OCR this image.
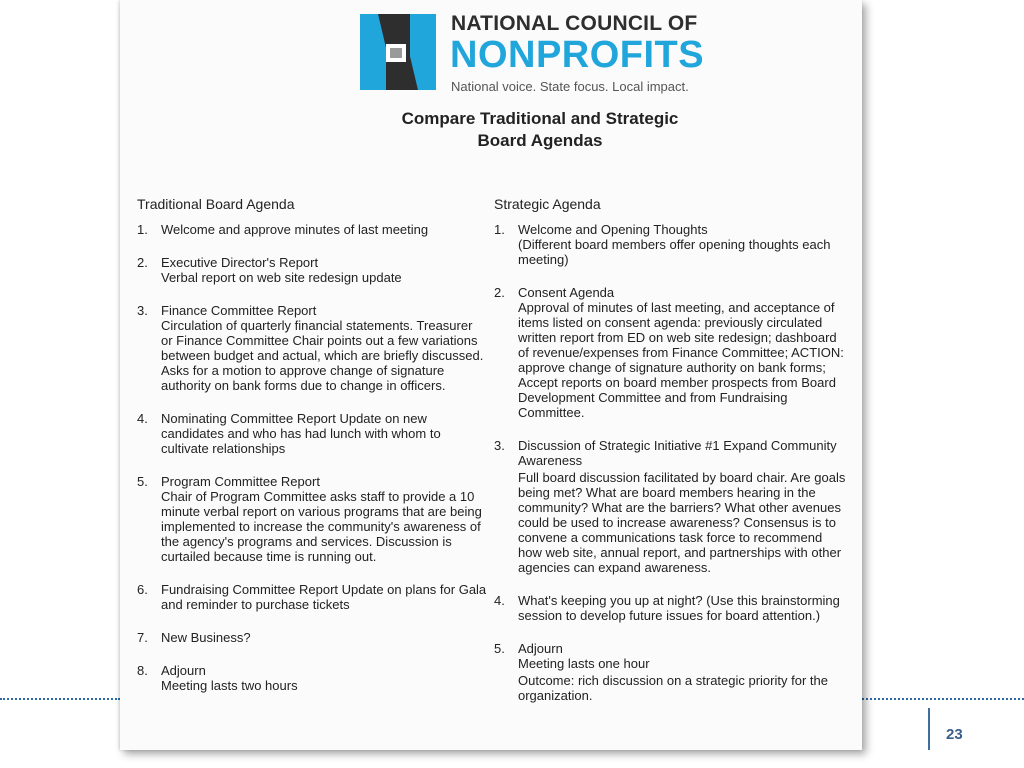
23
NATIONAL COUNCIL OF
NONPROFITS
National voice. State focus. Local impact.
Compare Traditional and Strategic
Board Agendas
Traditional Board Agenda
1. Welcome and approve minutes of last meeting
2. Executive Director's Report
Verbal report on web site redesign update
3. Finance Committee Report
Circulation of quarterly financial statements. Treasurer or Finance Committee Chair points out a few variations between budget and actual, which are briefly discussed. Asks for a motion to approve change of signature authority on bank forms due to change in officers.
4. Nominating Committee Report Update on new candidates and who has had lunch with whom to cultivate relationships
5. Program Committee Report
Chair of Program Committee asks staff to provide a 10 minute verbal report on various programs that are being implemented to increase the community's awareness of the agency's programs and services. Discussion is curtailed because time is running out.
6. Fundraising Committee Report Update on plans for Gala and reminder to purchase tickets
7. New Business?
8. Adjourn
Meeting lasts two hours
Strategic Agenda
1. Welcome and Opening Thoughts
(Different board members offer opening thoughts each meeting)
2. Consent Agenda
Approval of minutes of last meeting, and acceptance of items listed on consent agenda: previously circulated written report from ED on web site redesign; dashboard of revenue/expenses from Finance Committee; ACTION: approve change of signature authority on bank forms; Accept reports on board member prospects from Board Development Committee and from Fundraising Committee.
3. Discussion of Strategic Initiative #1 Expand Community Awareness
Full board discussion facilitated by board chair. Are goals being met? What are board members hearing in the community? What are the barriers? What other avenues could be used to increase awareness? Consensus is to convene a communications task force to recommend how web site, annual report, and partnerships with other agencies can expand awareness.
4. What's keeping you up at night? (Use this brainstorming session to develop future issues for board attention.)
5. Adjourn
Meeting lasts one hour
Outcome: rich discussion on a strategic priority for the organization.
